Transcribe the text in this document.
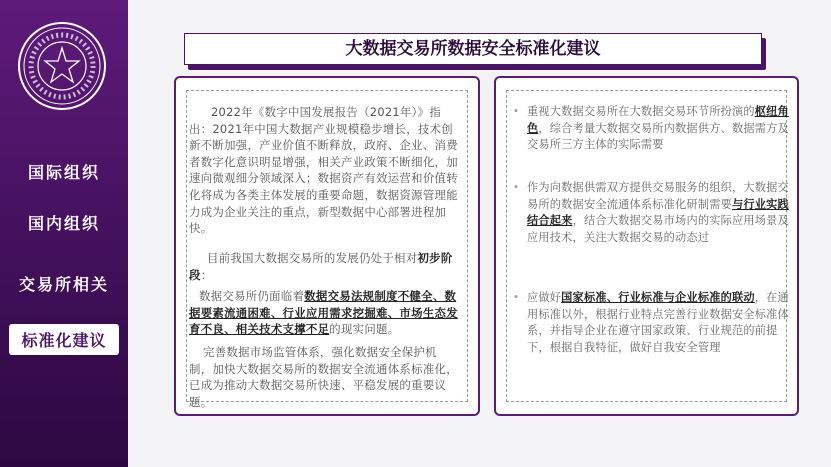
国际组织
国内组织
交易所相关
标准化建议
大数据交易所数据安全标准化建议
2022年《数字中国发展报告（2021年）》指出：2021年中国大数据产业规模稳步增长，技术创新不断加强，产业价值不断释放，政府、企业、消费者数字化意识明显增强，相关产业政策不断细化，加速向微观细分领域深入；数据资产有效运营和价值转化将成为各类主体发展的重要命题，数据资源管理能力成为企业关注的重点，新型数据中心部署进程加快。
目前我国大数据交易所的发展仍处于相对初步阶段：
数据交易所仍面临着数据交易法规制度不健全、数据要素流通困难、行业应用需求挖掘难、市场生态发育不良、相关技术支撑不足的现实问题。
完善数据市场监管体系，强化数据安全保护机制，加快大数据交易所的数据安全流通体系标准化，已成为推动大数据交易所快速、平稳发展的重要议题。
• 重视大数据交易所在大数据交易环节所扮演的枢纽角色，综合考量大数据交易所内数据供方、数据需方及交易所三方主体的实际需要
• 作为向数据供需双方提供交易服务的组织，大数据交易所的数据安全流通体系标准化研制需要与行业实践结合起来，结合大数据交易市场内的实际应用场景及应用技术，关注大数据交易的动态过
• 应做好国家标准、行业标准与企业标准的联动，在通用标准以外，根据行业特点完善行业数据安全标准体系，并指导企业在遵守国家政策、行业规范的前提下，根据自我特征，做好自我安全管理
